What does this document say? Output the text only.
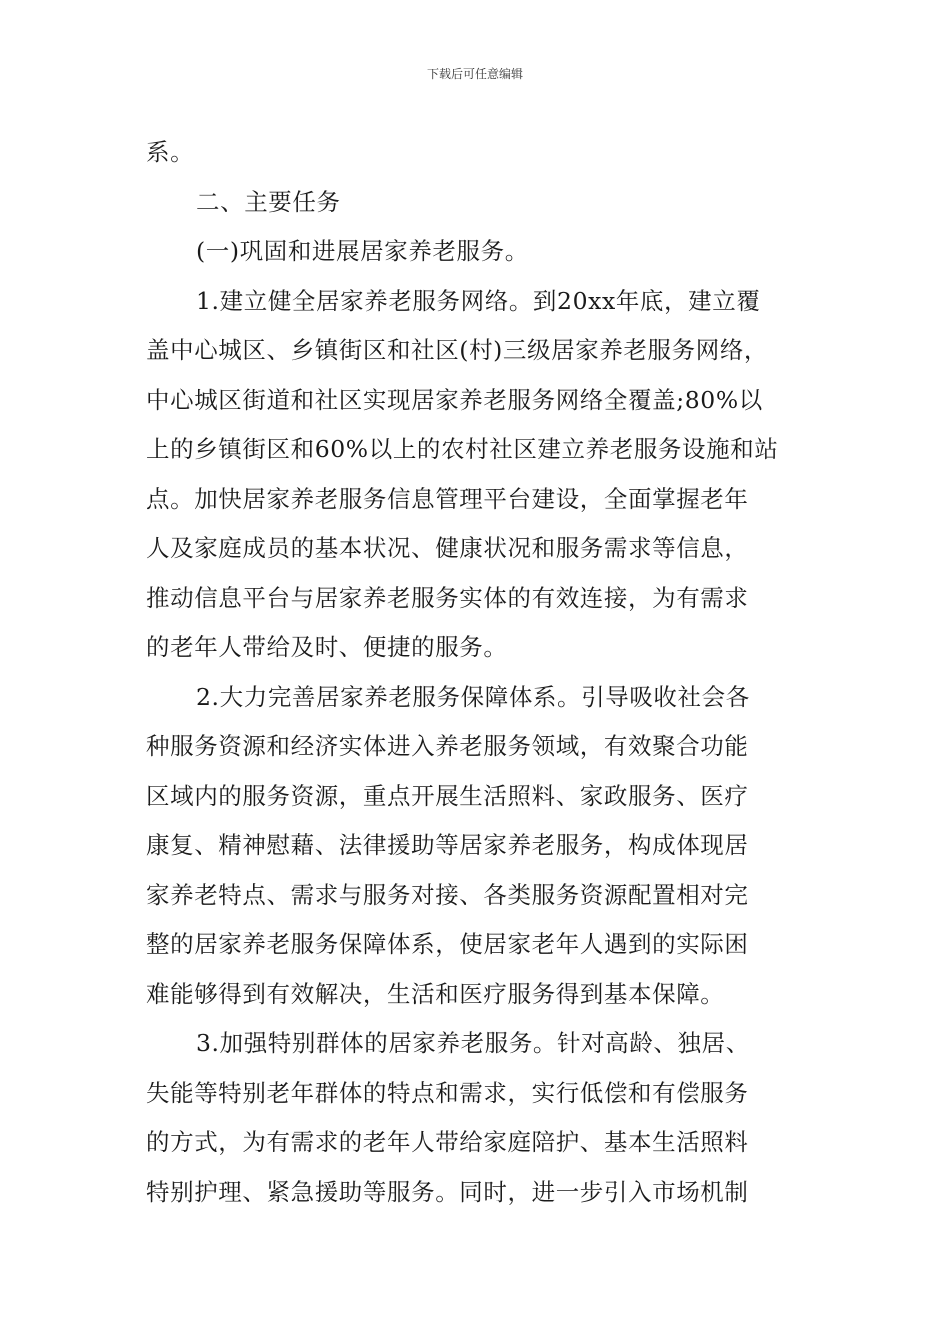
下载后可任意编辑
系。
二、主要任务
(一)巩固和进展居家养老服务。
1.建立健全居家养老服务网络。到20xx年底，建立覆
盖中心城区、乡镇街区和社区(村)三级居家养老服务网络，
中心城区街道和社区实现居家养老服务网络全覆盖;80%以
上的乡镇街区和60%以上的农村社区建立养老服务设施和站
点。加快居家养老服务信息管理平台建设，全面掌握老年
人及家庭成员的基本状况、健康状况和服务需求等信息，
推动信息平台与居家养老服务实体的有效连接，为有需求
的老年人带给及时、便捷的服务。
2.大力完善居家养老服务保障体系。引导吸收社会各
种服务资源和经济实体进入养老服务领域，有效聚合功能
区域内的服务资源，重点开展生活照料、家政服务、医疗
康复、精神慰藉、法律援助等居家养老服务，构成体现居
家养老特点、需求与服务对接、各类服务资源配置相对完
整的居家养老服务保障体系，使居家老年人遇到的实际困
难能够得到有效解决，生活和医疗服务得到基本保障。
3.加强特别群体的居家养老服务。针对高龄、独居、
失能等特别老年群体的特点和需求，实行低偿和有偿服务
的方式，为有需求的老年人带给家庭陪护、基本生活照料
特别护理、紧急援助等服务。同时，进一步引入市场机制
